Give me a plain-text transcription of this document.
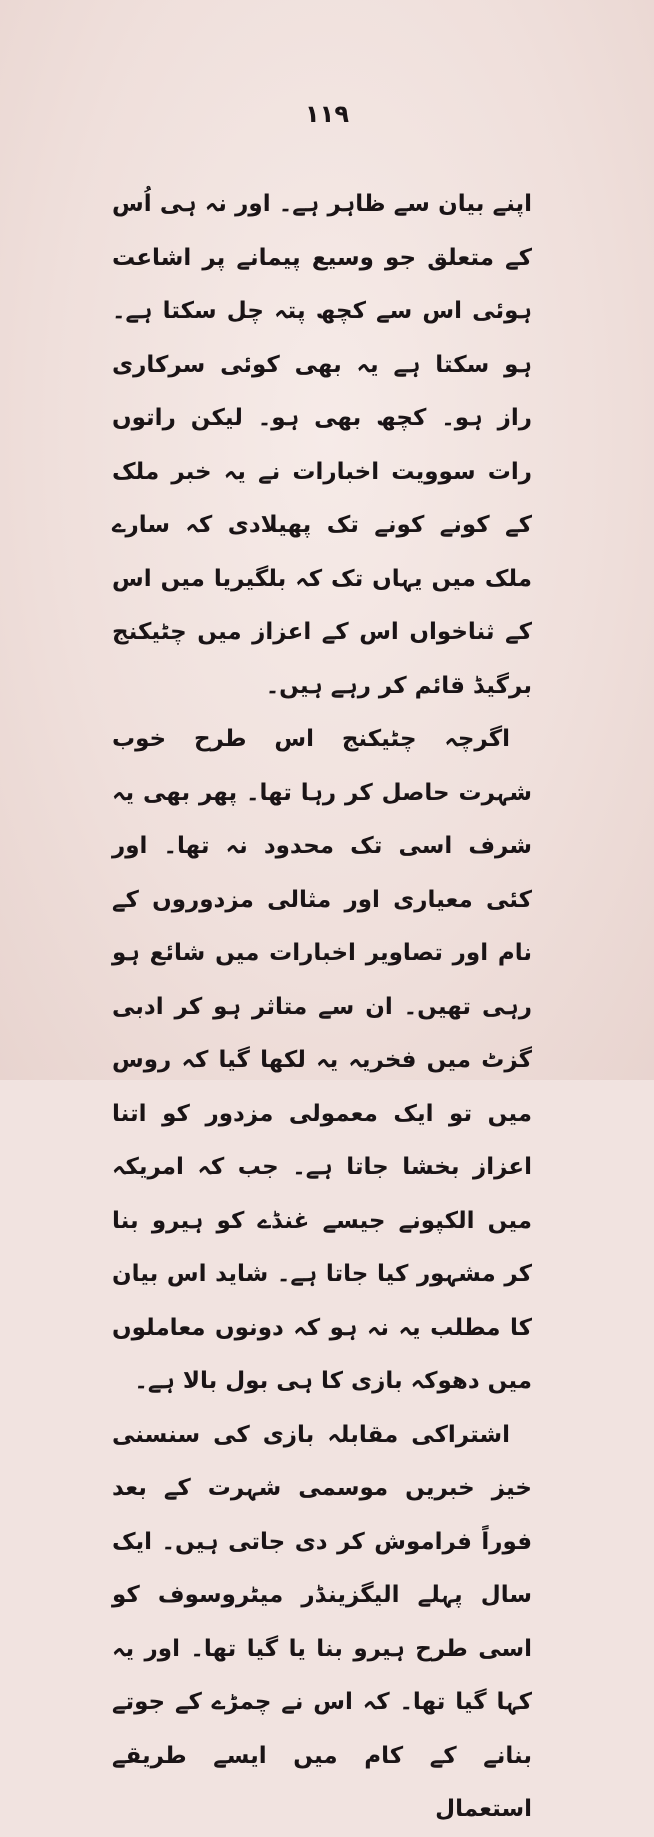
۱۱۹

اپنے بیان سے ظاہر ہے۔ اور نہ ہی اُس کے متعلق جو وسیع پیمانے پر اشاعت ہوئی اس سے کچھ پتہ چل سکتا ہے۔ ہو سکتا ہے یہ بھی کوئی سرکاری راز ہو۔ کچھ بھی ہو۔ لیکن راتوں رات سوویت اخبارات نے یہ خبر ملک کے کونے کونے تک پھیلادی کہ سارے ملک میں یہاں تک کہ بلگیریا میں اس کے ثناخواں اس کے اعزاز میں چٹیکنج برگیڈ قائم کر رہے ہیں۔

اگرچہ چٹیکنج اس طرح خوب شہرت حاصل کر رہا تھا۔ پھر بھی یہ شرف اسی تک محدود نہ تھا۔ اور کئی معیاری اور مثالی مزدوروں کے نام اور تصاویر اخبارات میں شائع ہو رہی تھیں۔ ان سے متاثر ہو کر ادبی گزٹ میں فخریہ یہ لکھا گیا کہ روس میں تو ایک معمولی مزدور کو اتنا اعزاز بخشا جاتا ہے۔ جب کہ امریکہ میں الکپونے جیسے غنڈے کو ہیرو بنا کر مشہور کیا جاتا ہے۔ شاید اس بیان کا مطلب یہ نہ ہو کہ دونوں معاملوں میں دھوکہ بازی کا ہی بول بالا ہے۔

اشتراکی مقابلہ بازی کی سنسنی خیز خبریں موسمی شہرت کے بعد فوراً فراموش کر دی جاتی ہیں۔ ایک سال پہلے الیگزینڈر میٹروسوف کو اسی طرح ہیرو بنا یا گیا تھا۔ اور یہ کہا گیا تھا۔ کہ اس نے چمڑے کے جوتے بنانے کے کام میں ایسے طریقے استعمال
